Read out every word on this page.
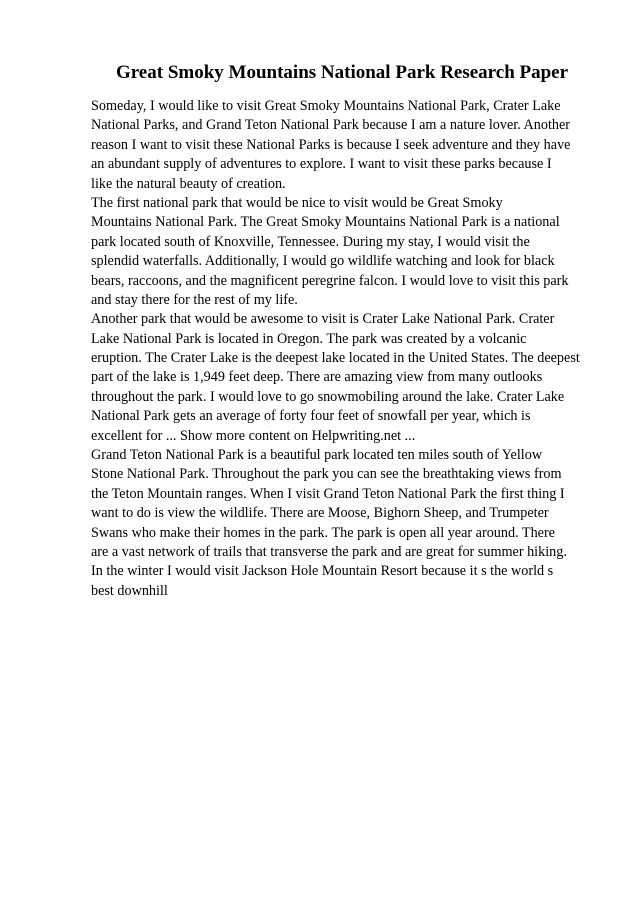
Great Smoky Mountains National Park Research Paper
Someday, I would like to visit Great Smoky Mountains National Park, Crater Lake
National Parks, and Grand Teton National Park because I am a nature lover. Another
reason I want to visit these National Parks is because I seek adventure and they have
an abundant supply of adventures to explore. I want to visit these parks because I
like the natural beauty of creation.
The first national park that would be nice to visit would be Great Smoky
Mountains National Park. The Great Smoky Mountains National Park is a national
park located south of Knoxville, Tennessee. During my stay, I would visit the
splendid waterfalls. Additionally, I would go wildlife watching and look for black
bears, raccoons, and the magnificent peregrine falcon. I would love to visit this park
and stay there for the rest of my life.
Another park that would be awesome to visit is Crater Lake National Park. Crater
Lake National Park is located in Oregon. The park was created by a volcanic
eruption. The Crater Lake is the deepest lake located in the United States. The deepest
part of the lake is 1,949 feet deep. There are amazing view from many outlooks
throughout the park. I would love to go snowmobiling around the lake. Crater Lake
National Park gets an average of forty four feet of snowfall per year, which is
excellent for ... Show more content on Helpwriting.net ...
Grand Teton National Park is a beautiful park located ten miles south of Yellow
Stone National Park. Throughout the park you can see the breathtaking views from
the Teton Mountain ranges. When I visit Grand Teton National Park the first thing I
want to do is view the wildlife. There are Moose, Bighorn Sheep, and Trumpeter
Swans who make their homes in the park. The park is open all year around. There
are a vast network of trails that transverse the park and are great for summer hiking.
In the winter I would visit Jackson Hole Mountain Resort because it s the world s
best downhill
